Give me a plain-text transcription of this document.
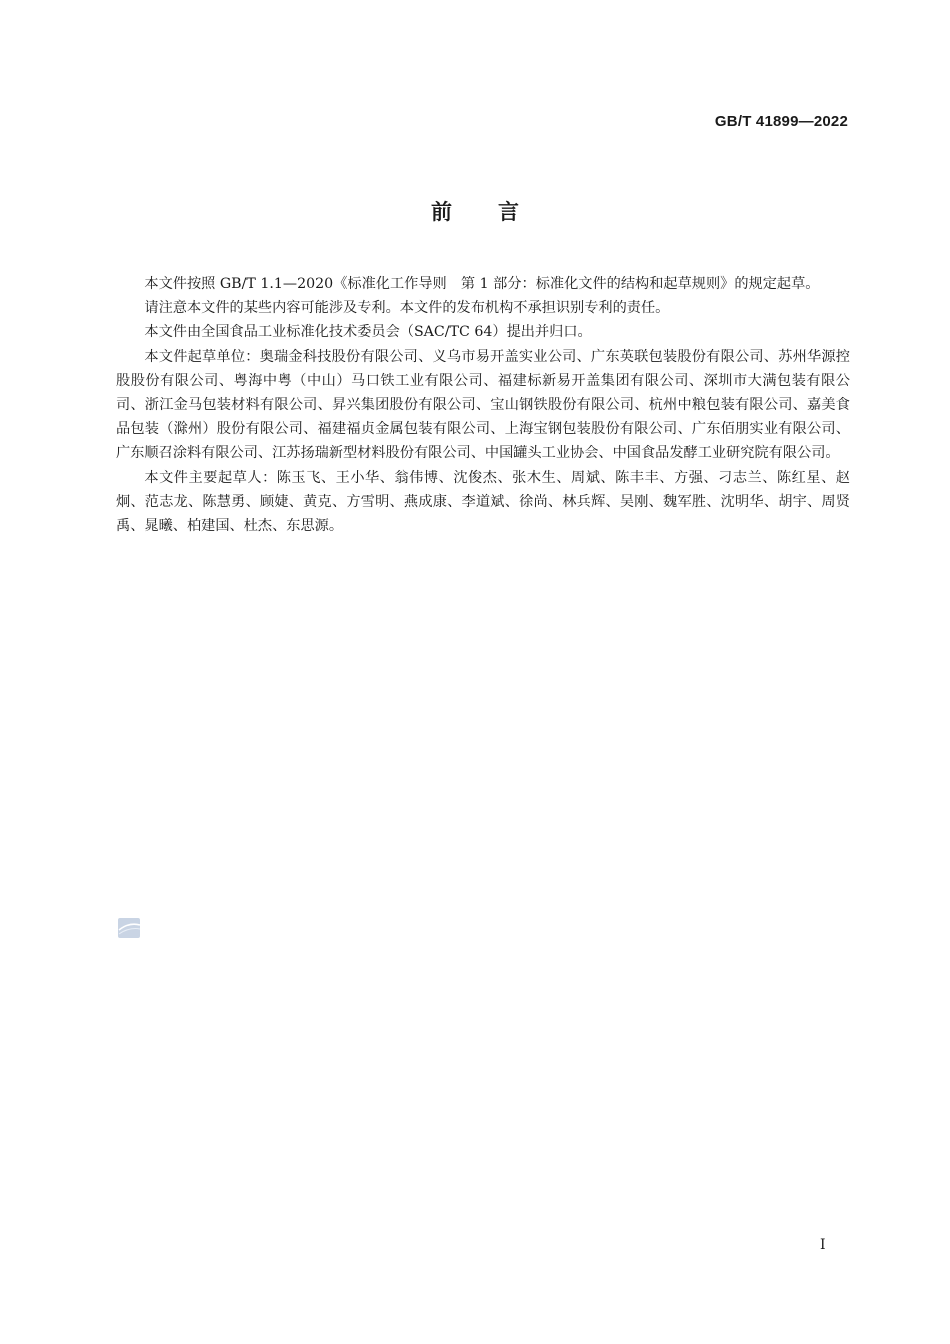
GB/T 41899—2022
前言

本文件按照 GB/T 1.1—2020《标准化工作导则　第 1 部分：标准化文件的结构和起草规则》的规定起草。

请注意本文件的某些内容可能涉及专利。本文件的发布机构不承担识别专利的责任。

本文件由全国食品工业标准化技术委员会（SAC/TC 64）提出并归口。

本文件起草单位：奥瑞金科技股份有限公司、义乌市易开盖实业公司、广东英联包装股份有限公司、苏州华源控股股份有限公司、粤海中粤（中山）马口铁工业有限公司、福建标新易开盖集团有限公司、深圳市大满包装有限公司、浙江金马包装材料有限公司、昇兴集团股份有限公司、宝山钢铁股份有限公司、杭州中粮包装有限公司、嘉美食品包装（滁州）股份有限公司、福建福贞金属包装有限公司、上海宝钢包装股份有限公司、广东佰朋实业有限公司、广东顺召涂料有限公司、江苏扬瑞新型材料股份有限公司、中国罐头工业协会、中国食品发酵工业研究院有限公司。

本文件主要起草人：陈玉飞、王小华、翁伟博、沈俊杰、张木生、周斌、陈丰丰、方强、刁志兰、陈红星、赵炯、范志龙、陈慧勇、顾婕、黄克、方雪明、燕成康、李道斌、徐尚、林兵辉、吴刚、魏军胜、沈明华、胡宇、周贤禹、晁曦、柏建国、杜杰、东思源。

I
